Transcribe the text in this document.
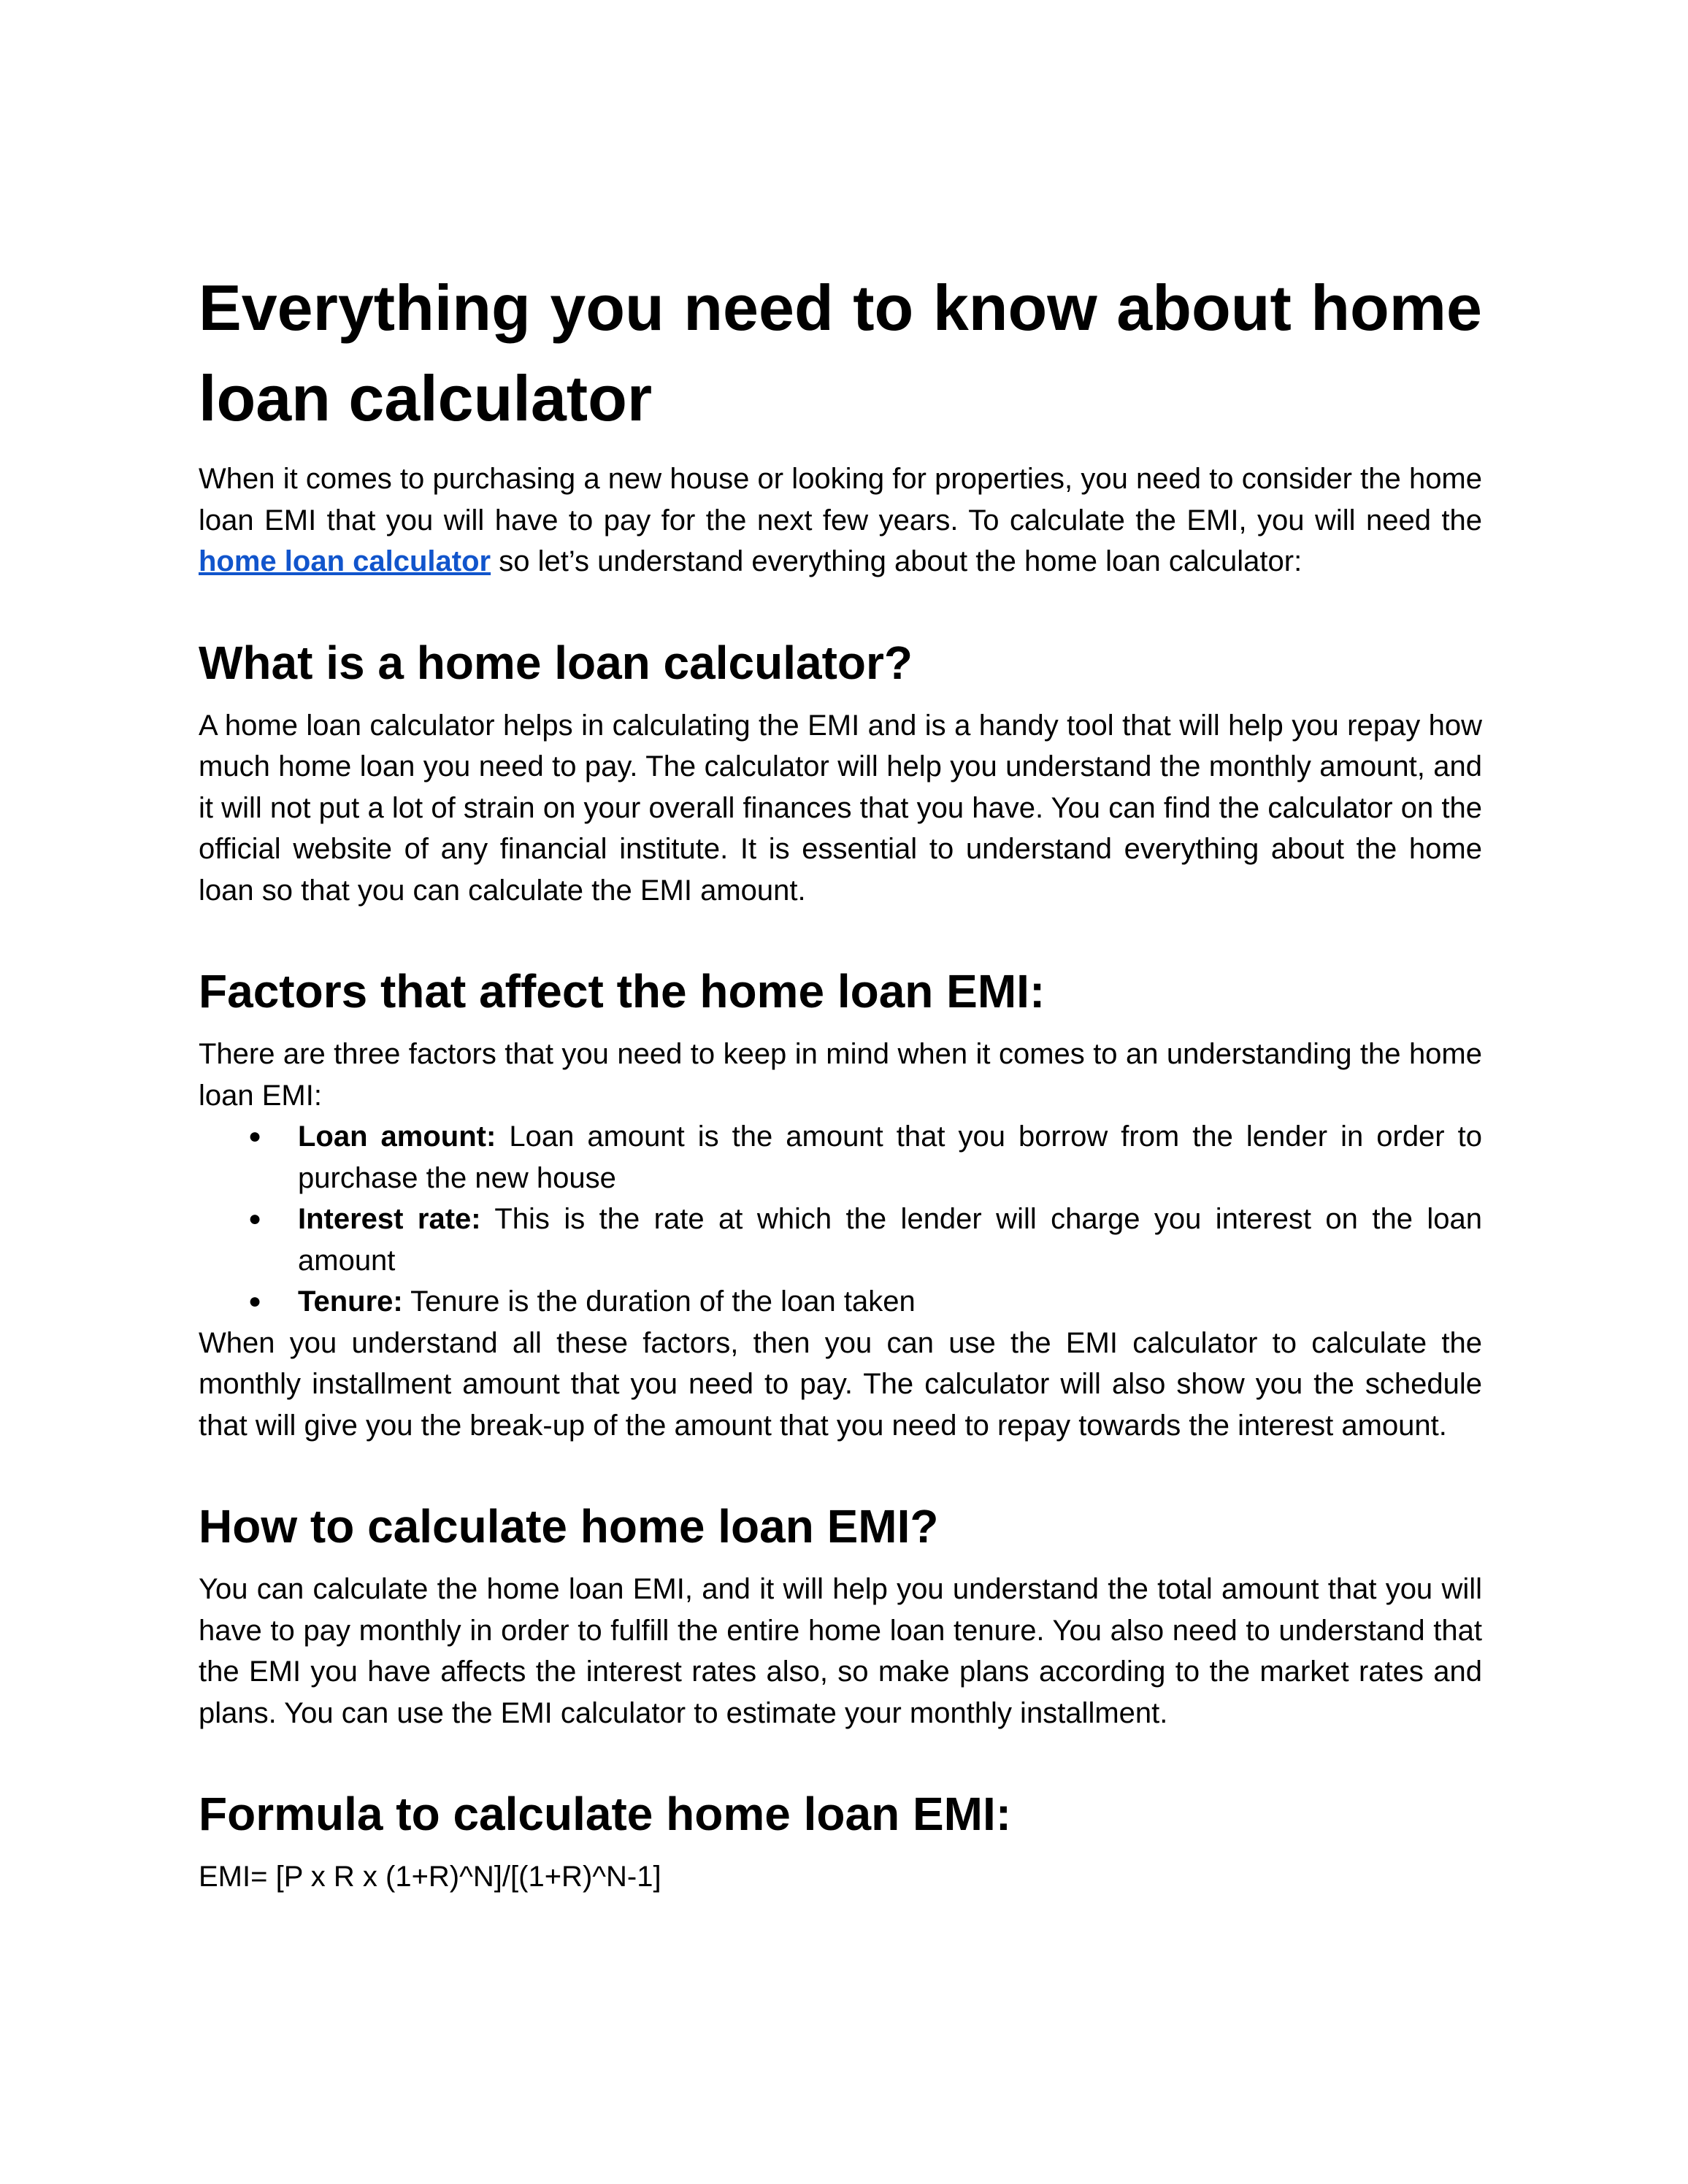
Everything you need to know about home loan calculator

When it comes to purchasing a new house or looking for properties, you need to consider the home loan EMI that you will have to pay for the next few years. To calculate the EMI, you will need the home loan calculator so let’s understand everything about the home loan calculator:

What is a home loan calculator?

A home loan calculator helps in calculating the EMI and is a handy tool that will help you repay how much home loan you need to pay. The calculator will help you understand the monthly amount, and it will not put a lot of strain on your overall finances that you have. You can find the calculator on the official website of any financial institute. It is essential to understand everything about the home loan so that you can calculate the EMI amount.

Factors that affect the home loan EMI:

There are three factors that you need to keep in mind when it comes to an understanding the home loan EMI:

● Loan amount: Loan amount is the amount that you borrow from the lender in order to purchase the new house
● Interest rate: This is the rate at which the lender will charge you interest on the loan amount
● Tenure: Tenure is the duration of the loan taken

When you understand all these factors, then you can use the EMI calculator to calculate the monthly installment amount that you need to pay. The calculator will also show you the schedule that will give you the break-up of the amount that you need to repay towards the interest amount.

How to calculate home loan EMI?

You can calculate the home loan EMI, and it will help you understand the total amount that you will have to pay monthly in order to fulfill the entire home loan tenure. You also need to understand that the EMI you have affects the interest rates also, so make plans according to the market rates and plans. You can use the EMI calculator to estimate your monthly installment.

Formula to calculate home loan EMI:

EMI= [P x R x (1+R)^N]/[(1+R)^N-1]
